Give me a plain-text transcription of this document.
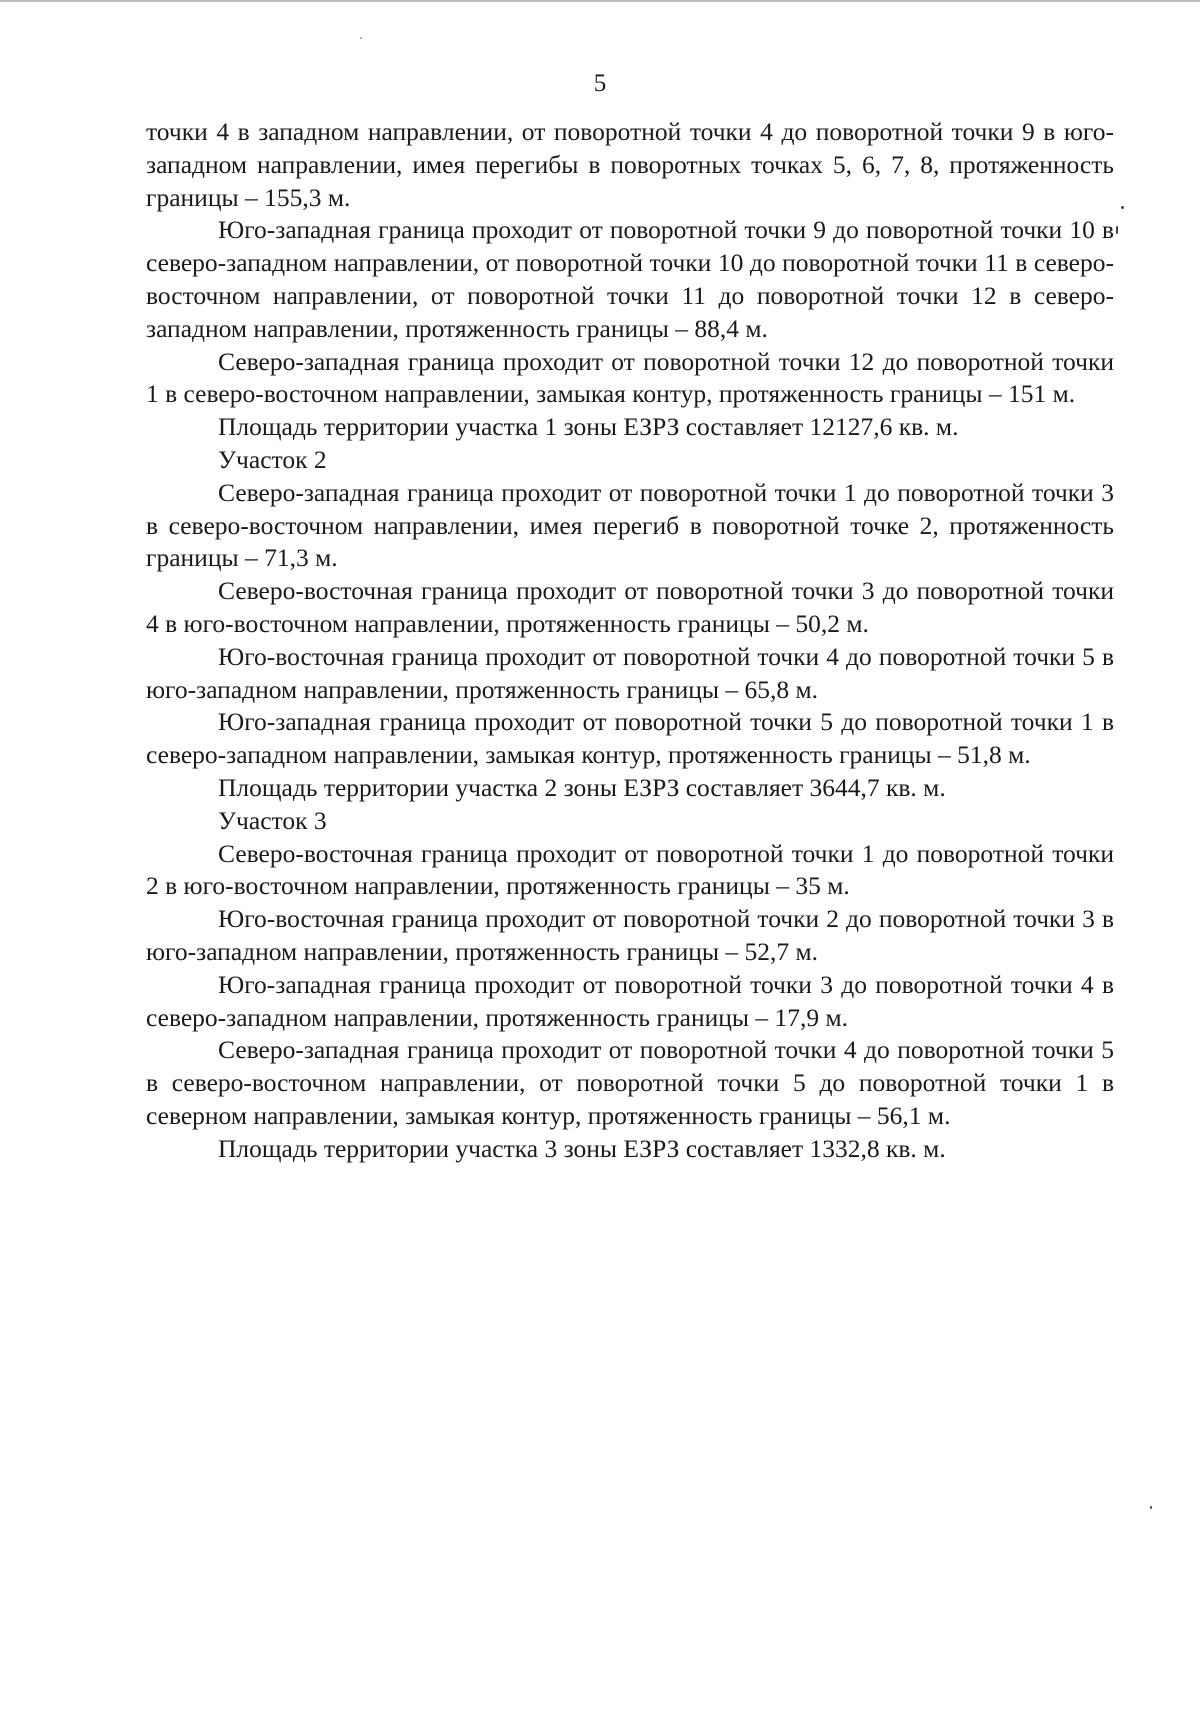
5

точки 4 в западном направлении, от поворотной точки 4 до поворотной точки 9 в юго-западном направлении, имея перегибы в поворотных точках 5, 6, 7, 8, протяженность границы – 155,3 м.

Юго-западная граница проходит от поворотной точки 9 до поворотной точки 10 в северо-западном направлении, от поворотной точки 10 до поворотной точки 11 в северо-восточном направлении, от поворотной точки 11 до поворотной точки 12 в северо-западном направлении, протяженность границы – 88,4 м.

Северо-западная граница проходит от поворотной точки 12 до поворотной точки 1 в северо-восточном направлении, замыкая контур, протяженность границы – 151 м.

Площадь территории участка 1 зоны ЕЗРЗ составляет 12127,6 кв. м.

Участок 2

Северо-западная граница проходит от поворотной точки 1 до поворотной точки 3 в северо-восточном направлении, имея перегиб в поворотной точке 2, протяженность границы – 71,3 м.

Северо-восточная граница проходит от поворотной точки 3 до поворотной точки 4 в юго-восточном направлении, протяженность границы – 50,2 м.

Юго-восточная граница проходит от поворотной точки 4 до поворотной точки 5 в юго-западном направлении, протяженность границы – 65,8 м.

Юго-западная граница проходит от поворотной точки 5 до поворотной точки 1 в северо-западном направлении, замыкая контур, протяженность границы – 51,8 м.

Площадь территории участка 2 зоны ЕЗРЗ составляет 3644,7 кв. м.

Участок 3

Северо-восточная граница проходит от поворотной точки 1 до поворотной точки 2 в юго-восточном направлении, протяженность границы – 35 м.

Юго-восточная граница проходит от поворотной точки 2 до поворотной точки 3 в юго-западном направлении, протяженность границы – 52,7 м.

Юго-западная граница проходит от поворотной точки 3 до поворотной точки 4 в северо-западном направлении, протяженность границы – 17,9 м.

Северо-западная граница проходит от поворотной точки 4 до поворотной точки 5 в северо-восточном направлении, от поворотной точки 5 до поворотной точки 1 в северном направлении, замыкая контур, протяженность границы – 56,1 м.

Площадь территории участка 3 зоны ЕЗРЗ составляет 1332,8 кв. м.
